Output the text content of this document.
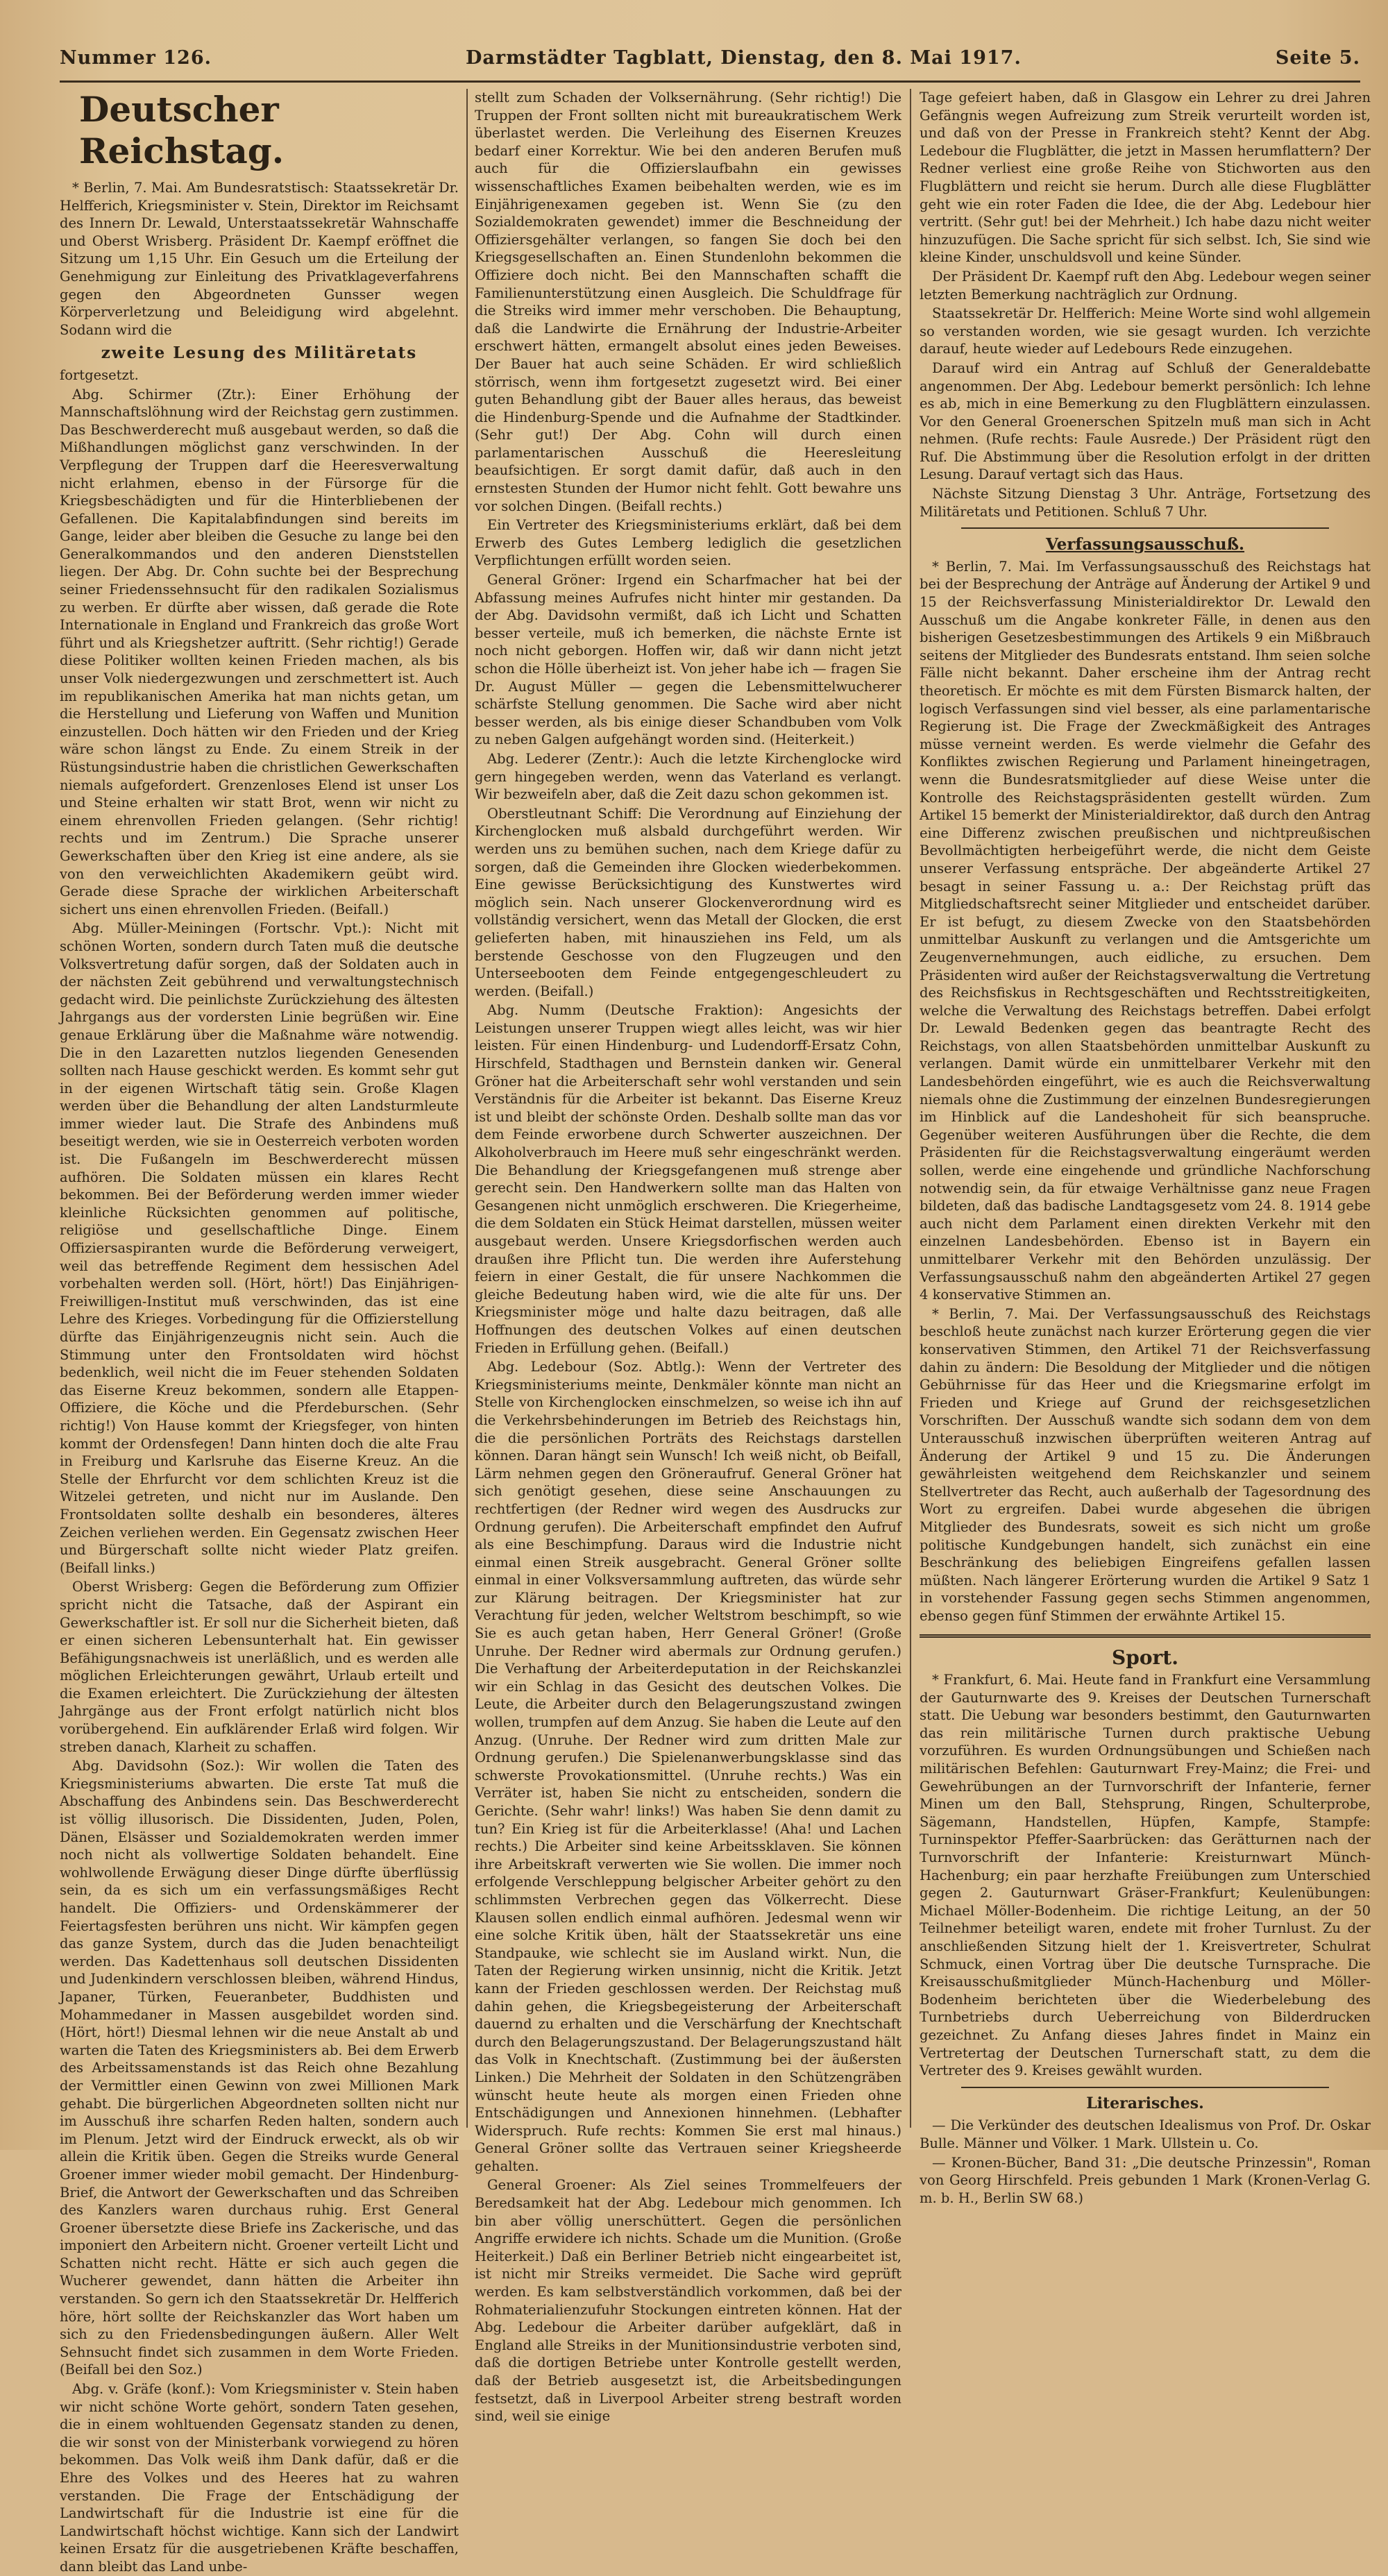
Nummer 126.	Darmstädter Tagblatt, Dienstag, den 8. Mai 1917.	Seite 5.
Deutscher Reichstag.

* Berlin, 7. Mai. Am Bundesratstisch: Staatssekretär Dr. Helfferich, Kriegsminister v. Stein, Direktor im Reichsamt des Innern Dr. Lewald, Unterstaatssekretär Wahnschaffe und Oberst Wrisberg. Präsident Dr. Kaempf eröffnet die Sitzung um 1,15 Uhr. Ein Gesuch um die Erteilung der Genehmigung zur Einleitung des Privatklageverfahrens gegen den Abgeordneten Gunsser wegen Körperverletzung und Beleidigung wird abgelehnt. Sodann wird die

zweite Lesung des Militäretats

fortgesetzt.

Abg. Schirmer (Ztr.): Einer Erhöhung der Mannschaftslöhnung wird der Reichstag gern zustimmen. Das Beschwerderecht muß ausgebaut werden, so daß die Mißhandlungen möglichst ganz verschwinden. In der Verpflegung der Truppen darf die Heeresverwaltung nicht erlahmen, ebenso in der Fürsorge für die Kriegsbeschädigten und für die Hinterbliebenen der Gefallenen. Die Kapitalabfindungen sind bereits im Gange, leider aber bleiben die Gesuche zu lange bei den Generalkommandos und den anderen Dienststellen liegen. Der Abg. Dr. Cohn suchte bei der Besprechung seiner Friedenssehnsucht für den radikalen Sozialismus zu werben. Er dürfte aber wissen, daß gerade die Rote Internationale in England und Frankreich das große Wort führt und als Kriegshetzer auftritt. (Sehr richtig!) Gerade diese Politiker wollten keinen Frieden machen, als bis unser Volk niedergezwungen und zerschmettert ist. Auch im republikanischen Amerika hat man nichts getan, um die Herstellung und Lieferung von Waffen und Munition einzustellen. Doch hätten wir den Frieden und der Krieg wäre schon längst zu Ende. Zu einem Streik in der Rüstungsindustrie haben die christlichen Gewerkschaften niemals aufgefordert. Grenzenloses Elend ist unser Los und Steine erhalten wir statt Brot, wenn wir nicht zu einem ehrenvollen Frieden gelangen. (Sehr richtig! rechts und im Zentrum.) Die Sprache unserer Gewerkschaften über den Krieg ist eine andere, als sie von den verweichlichten Akademikern geübt wird. Gerade diese Sprache der wirklichen Arbeiterschaft sichert uns einen ehrenvollen Frieden. (Beifall.)

Abg. Müller-Meiningen (Fortschr. Vpt.): Nicht mit schönen Worten, sondern durch Taten muß die deutsche Volksvertretung dafür sorgen, daß der Soldaten auch in der nächsten Zeit gebührend und verwaltungstechnisch gedacht wird. Die peinlichste Zurückziehung des ältesten Jahrgangs aus der vordersten Linie begrüßen wir. Eine genaue Erklärung über die Maßnahme wäre notwendig. Die in den Lazaretten nutzlos liegenden Genesenden sollten nach Hause geschickt werden. Es kommt sehr gut in der eigenen Wirtschaft tätig sein. Große Klagen werden über die Behandlung der alten Landsturmleute immer wieder laut. Die Strafe des Anbindens muß beseitigt werden, wie sie in Oesterreich verboten worden ist. Die Fußangeln im Beschwerderecht müssen aufhören. Die Soldaten müssen ein klares Recht bekommen. Bei der Beförderung werden immer wieder kleinliche Rücksichten genommen auf politische, religiöse und gesellschaftliche Dinge. Einem Offiziersaspiranten wurde die Beförderung verweigert, weil das betreffende Regiment dem hessischen Adel vorbehalten werden soll. (Hört, hört!) Das Einjährigen-Freiwilligen-Institut muß verschwinden, das ist eine Lehre des Krieges. Vorbedingung für die Offizierstellung dürfte das Einjährigenzeugnis nicht sein. Auch die Stimmung unter den Frontsoldaten wird höchst bedenklich, weil nicht die im Feuer stehenden Soldaten das Eiserne Kreuz bekommen, sondern alle Etappen-Offiziere, die Köche und die Pferdeburschen. (Sehr richtig!) Von Hause kommt der Kriegsfeger, von hinten kommt der Ordensfegen! Dann hinten doch die alte Frau in Freiburg und Karlsruhe das Eiserne Kreuz. An die Stelle der Ehrfurcht vor dem schlichten Kreuz ist die Witzelei getreten, und nicht nur im Auslande. Den Frontsoldaten sollte deshalb ein besonderes, älteres Zeichen verliehen werden. Ein Gegensatz zwischen Heer und Bürgerschaft sollte nicht wieder Platz greifen. (Beifall links.)

Oberst Wrisberg: Gegen die Beförderung zum Offizier spricht nicht die Tatsache, daß der Aspirant ein Gewerkschaftler ist. Er soll nur die Sicherheit bieten, daß er einen sicheren Lebensunterhalt hat. Ein gewisser Befähigungsnachweis ist unerläßlich, und es werden alle möglichen Erleichterungen gewährt, Urlaub erteilt und die Examen erleichtert. Die Zurückziehung der ältesten Jahrgänge aus der Front erfolgt natürlich nicht blos vorübergehend. Ein aufklärender Erlaß wird folgen. Wir streben danach, Klarheit zu schaffen.

Abg. Davidsohn (Soz.): Wir wollen die Taten des Kriegsministeriums abwarten. Die erste Tat muß die Abschaffung des Anbindens sein. Das Beschwerderecht ist völlig illusorisch. Die Dissidenten, Juden, Polen, Dänen, Elsässer und Sozialdemokraten werden immer noch nicht als vollwertige Soldaten behandelt. Eine wohlwollende Erwägung dieser Dinge dürfte überflüssig sein, da es sich um ein verfassungsmäßiges Recht handelt. Die Offiziers- und Ordenskämmerer der Feiertagsfesten berühren uns nicht. Wir kämpfen gegen das ganze System, durch das die Juden benachteiligt werden. Das Kadettenhaus soll deutschen Dissidenten und Judenkindern verschlossen bleiben, während Hindus, Japaner, Türken, Feueranbeter, Buddhisten und Mohammedaner in Massen ausgebildet worden sind. (Hört, hört!) Diesmal lehnen wir die neue Anstalt ab und warten die Taten des Kriegsministers ab. Bei dem Erwerb des Arbeitssamenstands ist das Reich ohne Bezahlung der Vermittler einen Gewinn von zwei Millionen Mark gehabt. Die bürgerlichen Abgeordneten sollten nicht nur im Ausschuß ihre scharfen Reden halten, sondern auch im Plenum. Jetzt wird der Eindruck erweckt, als ob wir allein die Kritik üben. Gegen die Streiks wurde General Groener immer wieder mobil gemacht. Der Hindenburg-Brief, die Antwort der Gewerkschaften und das Schreiben des Kanzlers waren durchaus ruhig. Erst General Groener übersetzte diese Briefe ins Zackerische, und das imponiert den Arbeitern nicht. Groener verteilt Licht und Schatten nicht recht. Hätte er sich auch gegen die Wucherer gewendet, dann hätten die Arbeiter ihn verstanden. So gern ich den Staatssekretär Dr. Helfferich höre, hört sollte der Reichskanzler das Wort haben um sich zu den Friedensbedingungen äußern. Aller Welt Sehnsucht findet sich zusammen in dem Worte Frieden. (Beifall bei den Soz.)

Abg. v. Gräfe (konf.): Vom Kriegsminister v. Stein haben wir nicht schöne Worte gehört, sondern Taten gesehen, die in einem wohltuenden Gegensatz standen zu denen, die wir sonst von der Ministerbank vorwiegend zu hören bekommen. Das Volk weiß ihm Dank dafür, daß er die Ehre des Volkes und des Heeres hat zu wahren verstanden. Die Frage der Entschädigung der Landwirtschaft für die Industrie ist eine für die Landwirtschaft höchst wichtige. Kann sich der Landwirt keinen Ersatz für die ausgetriebenen Kräfte beschaffen, dann bleibt das Land unbe-

stellt zum Schaden der Volksernährung. (Sehr richtig!) Die Truppen der Front sollten nicht mit bureaukratischem Werk überlastet werden. Die Verleihung des Eisernen Kreuzes bedarf einer Korrektur. Wie bei den anderen Berufen muß auch für die Offizierslaufbahn ein gewisses wissenschaftliches Examen beibehalten werden, wie es im Einjährigenexamen gegeben ist. Wenn Sie (zu den Sozialdemokraten gewendet) immer die Beschneidung der Offiziersgehälter verlangen, so fangen Sie doch bei den Kriegsgesellschaften an. Einen Stundenlohn bekommen die Offiziere doch nicht. Bei den Mannschaften schafft die Familienunterstützung einen Ausgleich. Die Schuldfrage für die Streiks wird immer mehr verschoben. Die Behauptung, daß die Landwirte die Ernährung der Industrie-Arbeiter erschwert hätten, ermangelt absolut eines jeden Beweises. Der Bauer hat auch seine Schäden. Er wird schließlich störrisch, wenn ihm fortgesetzt zugesetzt wird. Bei einer guten Behandlung gibt der Bauer alles heraus, das beweist die Hindenburg-Spende und die Aufnahme der Stadtkinder. (Sehr gut!) Der Abg. Cohn will durch einen parlamentarischen Ausschuß die Heeresleitung beaufsichtigen. Er sorgt damit dafür, daß auch in den ernstesten Stunden der Humor nicht fehlt. Gott bewahre uns vor solchen Dingen. (Beifall rechts.)

Ein Vertreter des Kriegsministeriums erklärt, daß bei dem Erwerb des Gutes Lemberg lediglich die gesetzlichen Verpflichtungen erfüllt worden seien.

General Gröner: Irgend ein Scharfmacher hat bei der Abfassung meines Aufrufes nicht hinter mir gestanden. Da der Abg. Davidsohn vermißt, daß ich Licht und Schatten besser verteile, muß ich bemerken, die nächste Ernte ist noch nicht geborgen. Hoffen wir, daß wir dann nicht jetzt schon die Hölle überheizt ist. Von jeher habe ich — fragen Sie Dr. August Müller — gegen die Lebensmittelwucherer schärfste Stellung genommen. Die Sache wird aber nicht besser werden, als bis einige dieser Schandbuben vom Volk zu neben Galgen aufgehängt worden sind. (Heiterkeit.)

Abg. Lederer (Zentr.): Auch die letzte Kirchenglocke wird gern hingegeben werden, wenn das Vaterland es verlangt. Wir bezweifeln aber, daß die Zeit dazu schon gekommen ist.

Oberstleutnant Schiff: Die Verordnung auf Einziehung der Kirchenglocken muß alsbald durchgeführt werden. Wir werden uns zu bemühen suchen, nach dem Kriege dafür zu sorgen, daß die Gemeinden ihre Glocken wiederbekommen. Eine gewisse Berücksichtigung des Kunstwertes wird möglich sein. Nach unserer Glockenverordnung wird es vollständig versichert, wenn das Metall der Glocken, die erst gelieferten haben, mit hinausziehen ins Feld, um als berstende Geschosse von den Flugzeugen und den Unterseebooten dem Feinde entgegengeschleudert zu werden. (Beifall.)

Abg. Numm (Deutsche Fraktion): Angesichts der Leistungen unserer Truppen wiegt alles leicht, was wir hier leisten. Für einen Hindenburg- und Ludendorff-Ersatz Cohn, Hirschfeld, Stadthagen und Bernstein danken wir. General Gröner hat die Arbeiterschaft sehr wohl verstanden und sein Verständnis für die Arbeiter ist bekannt. Das Eiserne Kreuz ist und bleibt der schönste Orden. Deshalb sollte man das vor dem Feinde erworbene durch Schwerter auszeichnen. Der Alkoholverbrauch im Heere muß sehr eingeschränkt werden. Die Behandlung der Kriegsgefangenen muß strenge aber gerecht sein. Den Handwerkern sollte man das Halten von Gesangenen nicht unmöglich erschweren. Die Kriegerheime, die dem Soldaten ein Stück Heimat darstellen, müssen weiter ausgebaut werden. Unsere Kriegsdorfischen werden auch draußen ihre Pflicht tun. Die werden ihre Auferstehung feiern in einer Gestalt, die für unsere Nachkommen die gleiche Bedeutung haben wird, wie die alte für uns. Der Kriegsminister möge und halte dazu beitragen, daß alle Hoffnungen des deutschen Volkes auf einen deutschen Frieden in Erfüllung gehen. (Beifall.)

Abg. Ledebour (Soz. Abtlg.): Wenn der Vertreter des Kriegsministeriums meinte, Denkmäler könnte man nicht an Stelle von Kirchenglocken einschmelzen, so weise ich ihn auf die Verkehrsbehinderungen im Betrieb des Reichstags hin, die die persönlichen Porträts des Reichstags darstellen können. Daran hängt sein Wunsch! Ich weiß nicht, ob Beifall, Lärm nehmen gegen den Gröneraufruf. General Gröner hat sich genötigt gesehen, diese seine Anschauungen zu rechtfertigen (der Redner wird wegen des Ausdrucks zur Ordnung gerufen). Die Arbeiterschaft empfindet den Aufruf als eine Beschimpfung. Daraus wird die Industrie nicht einmal einen Streik ausgebracht. General Gröner sollte einmal in einer Volksversammlung auftreten, das würde sehr zur Klärung beitragen. Der Kriegsminister hat zur Verachtung für jeden, welcher Weltstrom beschimpft, so wie Sie es auch getan haben, Herr General Gröner! (Große Unruhe. Der Redner wird abermals zur Ordnung gerufen.) Die Verhaftung der Arbeiterdeputation in der Reichskanzlei wir ein Schlag in das Gesicht des deutschen Volkes. Die Leute, die Arbeiter durch den Belagerungszustand zwingen wollen, trumpfen auf dem Anzug. Sie haben die Leute auf den Anzug. (Unruhe. Der Redner wird zum dritten Male zur Ordnung gerufen.) Die Spielenanwerbungsklasse sind das schwerste Provokationsmittel. (Unruhe rechts.) Was ein Verräter ist, haben Sie nicht zu entscheiden, sondern die Gerichte. (Sehr wahr! links!) Was haben Sie denn damit zu tun? Ein Krieg ist für die Arbeiterklasse! (Aha! und Lachen rechts.) Die Arbeiter sind keine Arbeitssklaven. Sie können ihre Arbeitskraft verwerten wie Sie wollen. Die immer noch erfolgende Verschleppung belgischer Arbeiter gehört zu den schlimmsten Verbrechen gegen das Völkerrecht. Diese Klausen sollen endlich einmal aufhören. Jedesmal wenn wir eine solche Kritik üben, hält der Staatssekretär uns eine Standpauke, wie schlecht sie im Ausland wirkt. Nun, die Taten der Regierung wirken unsinnig, nicht die Kritik. Jetzt kann der Frieden geschlossen werden. Der Reichstag muß dahin gehen, die Kriegsbegeisterung der Arbeiterschaft dauernd zu erhalten und die Verschärfung der Knechtschaft durch den Belagerungszustand. Der Belagerungszustand hält das Volk in Knechtschaft. (Zustimmung bei der äußersten Linken.) Die Mehrheit der Soldaten in den Schützengräben wünscht heute heute als morgen einen Frieden ohne Entschädigungen und Annexionen hinnehmen. (Lebhafter Widerspruch. Rufe rechts: Kommen Sie erst mal hinaus.) General Gröner sollte das Vertrauen seiner Kriegsheerde gehalten.

General Groener: Als Ziel seines Trommelfeuers der Beredsamkeit hat der Abg. Ledebour mich genommen. Ich bin aber völlig unerschüttert. Gegen die persönlichen Angriffe erwidere ich nichts. Schade um die Munition. (Große Heiterkeit.) Daß ein Berliner Betrieb nicht eingearbeitet ist, ist nicht mir Streiks vermeidet. Die Sache wird geprüft werden. Es kam selbstverständlich vorkommen, daß bei der Rohmaterialienzufuhr Stockungen eintreten können. Hat der Abg. Ledebour die Arbeiter darüber aufgeklärt, daß in England alle Streiks in der Munitionsindustrie verboten sind, daß die dortigen Betriebe unter Kontrolle gestellt werden, daß der Betrieb ausgesetzt ist, die Arbeitsbedingungen festsetzt, daß in Liverpool Arbeiter streng bestraft worden sind, weil sie einige

Tage gefeiert haben, daß in Glasgow ein Lehrer zu drei Jahren Gefängnis wegen Aufreizung zum Streik verurteilt worden ist, und daß von der Presse in Frankreich steht? Kennt der Abg. Ledebour die Flugblätter, die jetzt in Massen herumflattern? Der Redner verliest eine große Reihe von Stichworten aus den Flugblättern und reicht sie herum. Durch alle diese Flugblätter geht wie ein roter Faden die Idee, die der Abg. Ledebour hier vertritt. (Sehr gut! bei der Mehrheit.) Ich habe dazu nicht weiter hinzuzufügen. Die Sache spricht für sich selbst. Ich, Sie sind wie kleine Kinder, unschuldsvoll und keine Sünder.

Der Präsident Dr. Kaempf ruft den Abg. Ledebour wegen seiner letzten Bemerkung nachträglich zur Ordnung.

Staatssekretär Dr. Helfferich: Meine Worte sind wohl allgemein so verstanden worden, wie sie gesagt wurden. Ich verzichte darauf, heute wieder auf Ledebours Rede einzugehen.

Darauf wird ein Antrag auf Schluß der Generaldebatte angenommen. Der Abg. Ledebour bemerkt persönlich: Ich lehne es ab, mich in eine Bemerkung zu den Flugblättern einzulassen. Vor den General Groenerschen Spitzeln muß man sich in Acht nehmen. (Rufe rechts: Faule Ausrede.) Der Präsident rügt den Ruf. Die Abstimmung über die Resolution erfolgt in der dritten Lesung. Darauf vertagt sich das Haus.

Nächste Sitzung Dienstag 3 Uhr. Anträge, Fortsetzung des Militäretats und Petitionen. Schluß 7 Uhr.

Verfassungsausschuß.

* Berlin, 7. Mai. Im Verfassungsausschuß des Reichstags hat bei der Besprechung der Anträge auf Änderung der Artikel 9 und 15 der Reichsverfassung Ministerialdirektor Dr. Lewald den Ausschuß um die Angabe konkreter Fälle, in denen aus den bisherigen Gesetzesbestimmungen des Artikels 9 ein Mißbrauch seitens der Mitglieder des Bundesrats entstand. Ihm seien solche Fälle nicht bekannt. Daher erscheine ihm der Antrag recht theoretisch. Er möchte es mit dem Fürsten Bismarck halten, der logisch Verfassungen sind viel besser, als eine parlamentarische Regierung ist. Die Frage der Zweckmäßigkeit des Antrages müsse verneint werden. Es werde vielmehr die Gefahr des Konfliktes zwischen Regierung und Parlament hineingetragen, wenn die Bundesratsmitglieder auf diese Weise unter die Kontrolle des Reichstagspräsidenten gestellt würden. Zum Artikel 15 bemerkt der Ministerialdirektor, daß durch den Antrag eine Differenz zwischen preußischen und nichtpreußischen Bevollmächtigten herbeigeführt werde, die nicht dem Geiste unserer Verfassung entspräche. Der abgeänderte Artikel 27 besagt in seiner Fassung u. a.: Der Reichstag prüft das Mitgliedschaftsrecht seiner Mitglieder und entscheidet darüber. Er ist befugt, zu diesem Zwecke von den Staatsbehörden unmittelbar Auskunft zu verlangen und die Amtsgerichte um Zeugenvernehmungen, auch eidliche, zu ersuchen. Dem Präsidenten wird außer der Reichstagsverwaltung die Vertretung des Reichsfiskus in Rechtsgeschäften und Rechtsstreitigkeiten, welche die Verwaltung des Reichstags betreffen. Dabei erfolgt Dr. Lewald Bedenken gegen das beantragte Recht des Reichstags, von allen Staatsbehörden unmittelbar Auskunft zu verlangen. Damit würde ein unmittelbarer Verkehr mit den Landesbehörden eingeführt, wie es auch die Reichsverwaltung niemals ohne die Zustimmung der einzelnen Bundesregierungen im Hinblick auf die Landeshoheit für sich beanspruche. Gegenüber weiteren Ausführungen über die Rechte, die dem Präsidenten für die Reichstagsverwaltung eingeräumt werden sollen, werde eine eingehende und gründliche Nachforschung notwendig sein, da für etwaige Verhältnisse ganz neue Fragen bildeten, daß das badische Landtagsgesetz vom 24. 8. 1914 gebe auch nicht dem Parlament einen direkten Verkehr mit den einzelnen Landesbehörden. Ebenso ist in Bayern ein unmittelbarer Verkehr mit den Behörden unzulässig. Der Verfassungsausschuß nahm den abgeänderten Artikel 27 gegen 4 konservative Stimmen an.

* Berlin, 7. Mai. Der Verfassungsausschuß des Reichstags beschloß heute zunächst nach kurzer Erörterung gegen die vier konservativen Stimmen, den Artikel 71 der Reichsverfassung dahin zu ändern: Die Besoldung der Mitglieder und die nötigen Gebührnisse für das Heer und die Kriegsmarine erfolgt im Frieden und Kriege auf Grund der reichsgesetzlichen Vorschriften. Der Ausschuß wandte sich sodann dem von dem Unterausschuß inzwischen überprüften weiteren Antrag auf Änderung der Artikel 9 und 15 zu. Die Änderungen gewährleisten weitgehend dem Reichskanzler und seinem Stellvertreter das Recht, auch außerhalb der Tagesordnung des Wort zu ergreifen. Dabei wurde abgesehen die übrigen Mitglieder des Bundesrats, soweit es sich nicht um große politische Kundgebungen handelt, sich zunächst ein eine Beschränkung des beliebigen Eingreifens gefallen lassen müßten. Nach längerer Erörterung wurden die Artikel 9 Satz 1 in vorstehender Fassung gegen sechs Stimmen angenommen, ebenso gegen fünf Stimmen der erwähnte Artikel 15.

Sport.

* Frankfurt, 6. Mai. Heute fand in Frankfurt eine Versammlung der Gauturnwarte des 9. Kreises der Deutschen Turnerschaft statt. Die Uebung war besonders bestimmt, den Gauturnwarten das rein militärische Turnen durch praktische Uebung vorzuführen. Es wurden Ordnungsübungen und Schießen nach militärischen Befehlen: Gauturnwart Frey-Mainz; die Frei- und Gewehrübungen an der Turnvorschrift der Infanterie, ferner Minen um den Ball, Stehsprung, Ringen, Schulterprobe, Sägemann, Handstellen, Hüpfen, Kampfe, Stampfe: Turninspektor Pfeffer-Saarbrücken: das Gerätturnen nach der Turnvorschrift der Infanterie: Kreisturnwart Münch-Hachenburg; ein paar herzhafte Freiübungen zum Unterschied gegen 2. Gauturnwart Gräser-Frankfurt; Keulenübungen: Michael Möller-Bodenheim. Die richtige Leitung, an der 50 Teilnehmer beteiligt waren, endete mit froher Turnlust. Zu der anschließenden Sitzung hielt der 1. Kreisvertreter, Schulrat Schmuck, einen Vortrag über Die deutsche Turnsprache. Die Kreisausschußmitglieder Münch-Hachenburg und Möller-Bodenheim berichteten über die Wiederbelebung des Turnbetriebs durch Ueberreichung von Bilderdrucken gezeichnet. Zu Anfang dieses Jahres findet in Mainz ein Vertretertag der Deutschen Turnerschaft statt, zu dem die Vertreter des 9. Kreises gewählt wurden.

Literarisches.

— Die Verkünder des deutschen Idealismus von Prof. Dr. Oskar Bulle. Männer und Völker. 1 Mark. Ullstein u. Co.

— Kronen-Bücher, Band 31: „Die deutsche Prinzessin", Roman von Georg Hirschfeld. Preis gebunden 1 Mark (Kronen-Verlag G. m. b. H., Berlin SW 68.)
